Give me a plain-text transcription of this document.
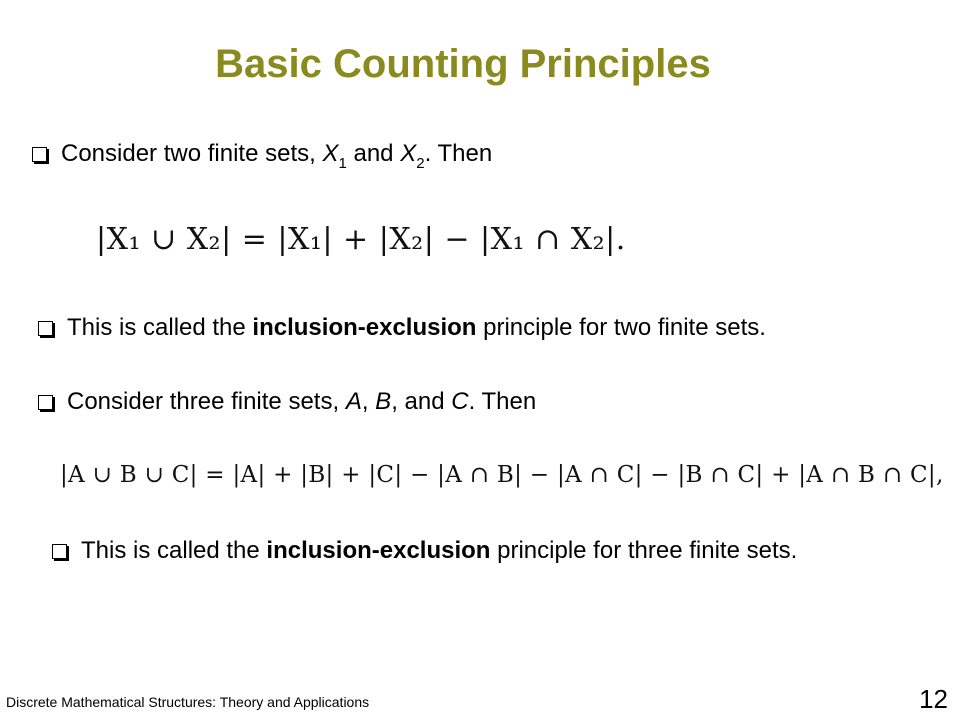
Basic Counting Principles
Consider two finite sets, $X_1$ and $X_2$. Then
|X₁ ∪ X₂| = |X₁| + |X₂| − |X₁ ∩ X₂|.
This is called the inclusion-exclusion principle for two finite sets.
Consider three finite sets, A, B, and C. Then
|A ∪ B ∪ C| = |A| + |B| + |C| − |A ∩ B| − |A ∩ C| − |B ∩ C| + |A ∩ B ∩ C|,
This is called the inclusion-exclusion principle for three finite sets.
Discrete Mathematical Structures: Theory and Applications	12
